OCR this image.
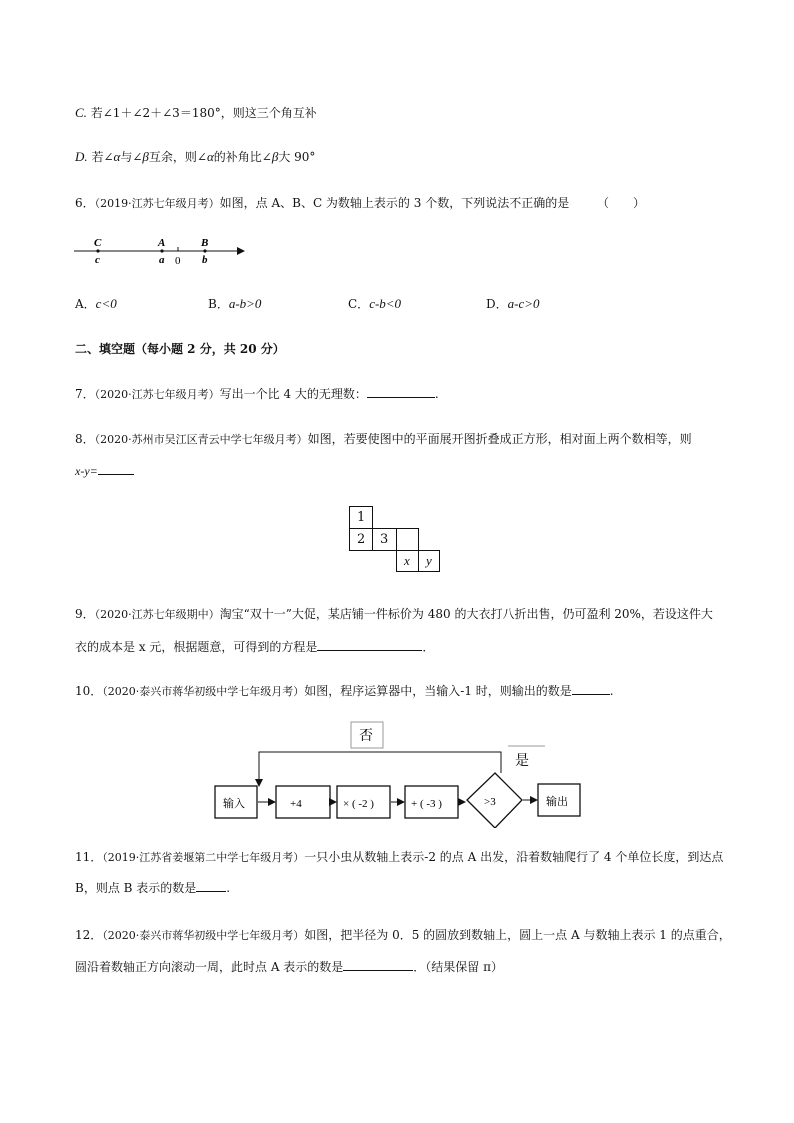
C. 若∠1＋∠2＋∠3＝180°，则这三个角互补
D. 若∠α与∠β互余，则∠α的补角比∠β大 90°
6．（2019·江苏七年级月考）如图，点 A、B、C 为数轴上表示的 3 个数，下列说法不正确的是 （　　）
C	A	B
c	a 0 b
A．c<0	B．a-b>0	C．c-b<0	D．a-c>0
二、填空题（每小题 2 分，共 20 分）
7．（2020·江苏七年级月考）写出一个比 4 大的无理数：	.
8．（2020·苏州市吴江区青云中学七年级月考）如图，若要使图中的平面展开图折叠成正方形，相对面上两个数相等，则
x-y=
1
2 3
x y
9．（2020·江苏七年级期中）淘宝“双十一”大促，某店铺一件标价为 480 的大衣打八折出售，仍可盈利 20%，若设这件大
衣的成本是 x 元，根据题意，可得到的方程是	．
10．（2020·泰兴市蒋华初级中学七年级月考）如图，程序运算器中，当输入-1 时，则输出的数是	.
否
是
输入	+4	× ( -2 )	+ ( -3 )	>3	输出
11．（2019·江苏省姜堰第二中学七年级月考）一只小虫从数轴上表示-2 的点 A 出发，沿着数轴爬行了 4 个单位长度，到达点
B，则点 B 表示的数是	.
12．（2020·泰兴市蒋华初级中学七年级月考）如图，把半径为 0．5 的圆放到数轴上，圆上一点 A 与数轴上表示 1 的点重合，
圆沿着数轴正方向滚动一周，此时点 A 表示的数是	．（结果保留 π）
